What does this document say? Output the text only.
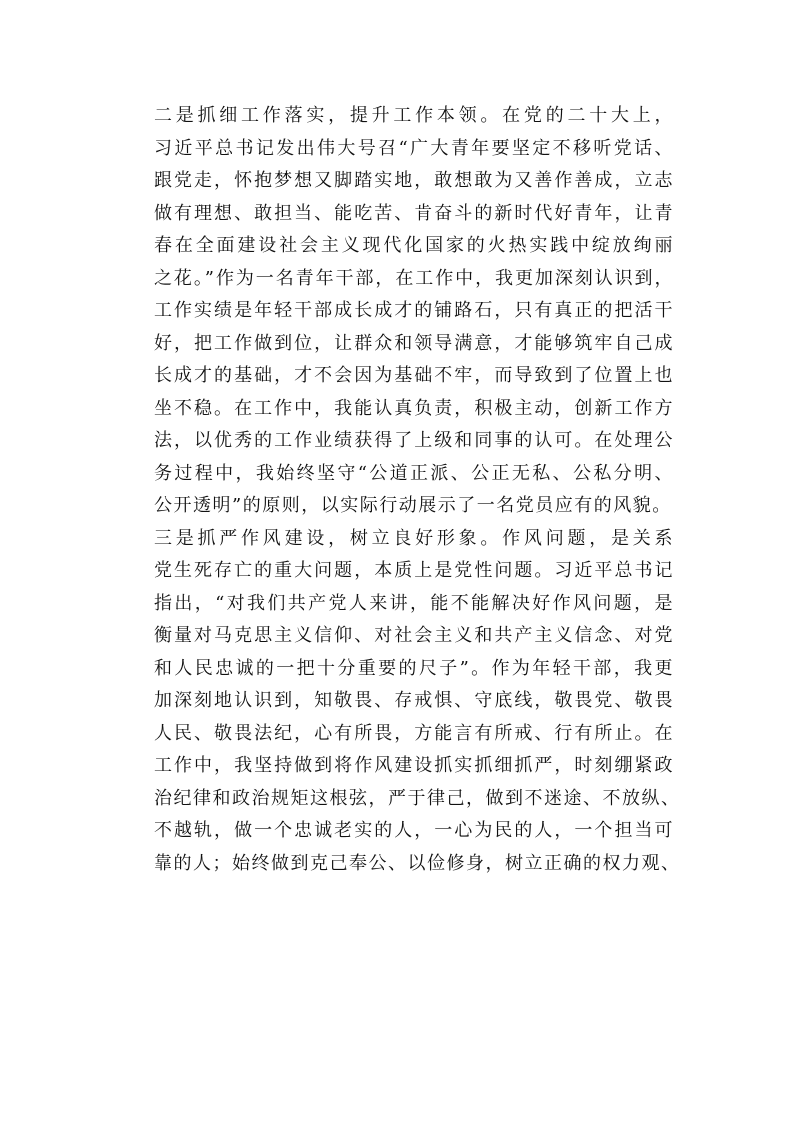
二是抓细工作落实，提升工作本领。在党的二十大上，
习近平总书记发出伟大号召“广大青年要坚定不移听党话、
跟党走，怀抱梦想又脚踏实地，敢想敢为又善作善成，立志
做有理想、敢担当、能吃苦、肯奋斗的新时代好青年，让青
春在全面建设社会主义现代化国家的火热实践中绽放绚丽
之花。”作为一名青年干部，在工作中，我更加深刻认识到，
工作实绩是年轻干部成长成才的铺路石，只有真正的把活干
好，把工作做到位，让群众和领导满意，才能够筑牢自己成
长成才的基础，才不会因为基础不牢，而导致到了位置上也
坐不稳。在工作中，我能认真负责，积极主动，创新工作方
法，以优秀的工作业绩获得了上级和同事的认可。在处理公
务过程中，我始终坚守“公道正派、公正无私、公私分明、
公开透明”的原则，以实际行动展示了一名党员应有的风貌。

三是抓严作风建设，树立良好形象。作风问题，是关系
党生死存亡的重大问题，本质上是党性问题。习近平总书记
指出，“对我们共产党人来讲，能不能解决好作风问题，是
衡量对马克思主义信仰、对社会主义和共产主义信念、对党
和人民忠诚的一把十分重要的尺子”。作为年轻干部，我更
加深刻地认识到，知敬畏、存戒惧、守底线，敬畏党、敬畏
人民、敬畏法纪，心有所畏，方能言有所戒、行有所止。在
工作中，我坚持做到将作风建设抓实抓细抓严，时刻绷紧政
治纪律和政治规矩这根弦，严于律己，做到不迷途、不放纵、
不越轨，做一个忠诚老实的人，一心为民的人，一个担当可
靠的人；始终做到克己奉公、以俭修身，树立正确的权力观、
